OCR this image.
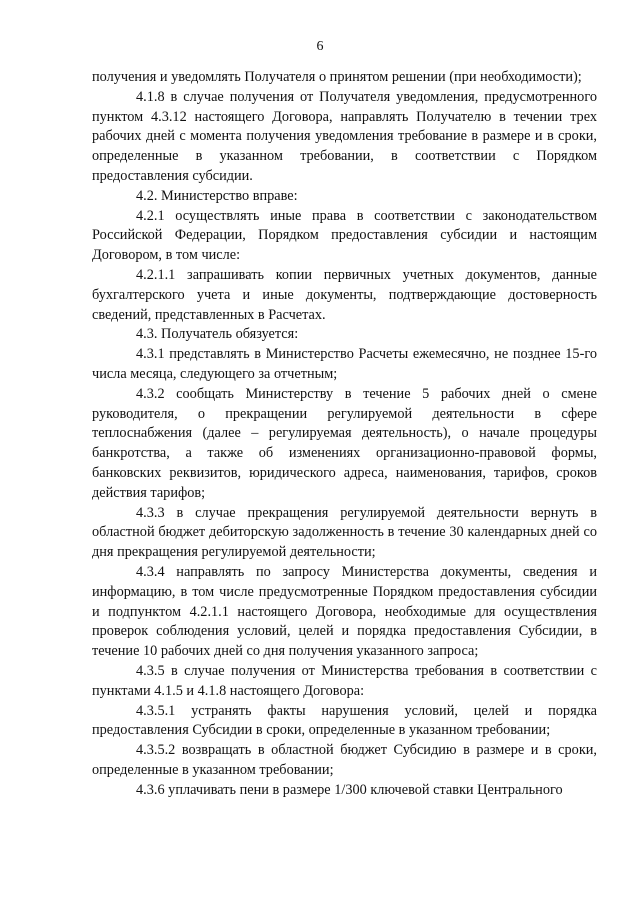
6

получения и уведомлять Получателя о принятом решении (при необходимости);

4.1.8 в случае получения от Получателя уведомления, предусмотренного пунктом 4.3.12 настоящего Договора, направлять Получателю в течении трех рабочих дней с момента получения уведомления требование в размере и в сроки, определенные в указанном требовании, в соответствии с Порядком предоставления субсидии.

4.2. Министерство вправе:

4.2.1 осуществлять иные права в соответствии с законодательством Российской Федерации, Порядком предоставления субсидии и настоящим Договором, в том числе:

4.2.1.1 запрашивать копии первичных учетных документов, данные бухгалтерского учета и иные документы, подтверждающие достоверность сведений, представленных в Расчетах.

4.3. Получатель обязуется:

4.3.1 представлять в Министерство Расчеты ежемесячно, не позднее 15-го числа месяца, следующего за отчетным;

4.3.2 сообщать Министерству в течение 5 рабочих дней о смене руководителя, о прекращении регулируемой деятельности в сфере теплоснабжения (далее – регулируемая деятельность), о начале процедуры банкротства, а также об изменениях организационно-правовой формы, банковских реквизитов, юридического адреса, наименования, тарифов, сроков действия тарифов;

4.3.3 в случае прекращения регулируемой деятельности вернуть в областной бюджет дебиторскую задолженность в течение 30 календарных дней со дня прекращения регулируемой деятельности;

4.3.4 направлять по запросу Министерства документы, сведения и информацию, в том числе предусмотренные Порядком предоставления субсидии и подпунктом 4.2.1.1 настоящего Договора, необходимые для осуществления проверок соблюдения условий, целей и порядка предоставления Субсидии, в течение 10 рабочих дней со дня получения указанного запроса;

4.3.5 в случае получения от Министерства требования в соответствии с пунктами 4.1.5 и 4.1.8 настоящего Договора:

4.3.5.1 устранять факты нарушения условий, целей и порядка предоставления Субсидии в сроки, определенные в указанном требовании;

4.3.5.2 возвращать в областной бюджет Субсидию в размере и в сроки, определенные в указанном требовании;

4.3.6 уплачивать пени в размере 1/300 ключевой ставки Центрального
